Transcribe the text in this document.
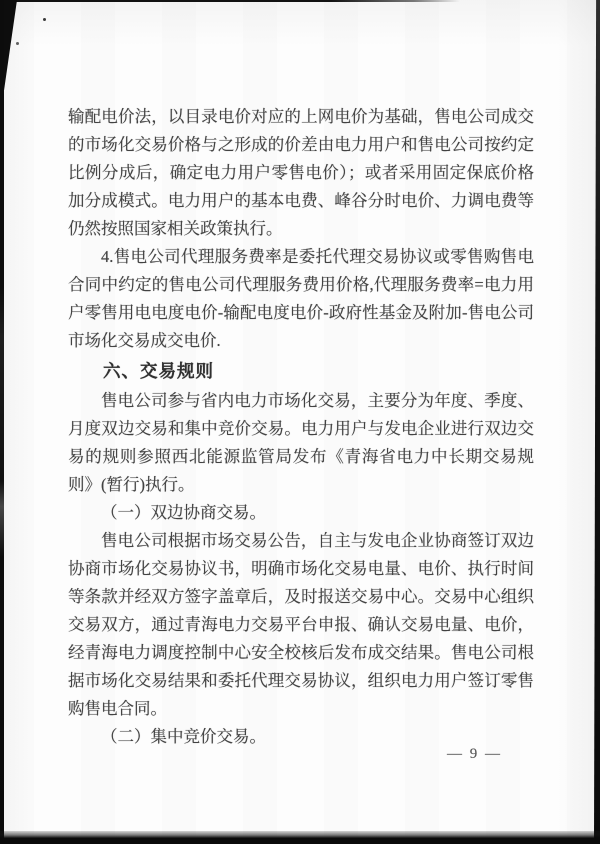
输配电价法，以目录电价对应的上网电价为基础，售电公司成交的市场化交易价格与之形成的价差由电力用户和售电公司按约定比例分成后，确定电力用户零售电价）；或者采用固定保底价格加分成模式。电力用户的基本电费、峰谷分时电价、力调电费等仍然按照国家相关政策执行。

4.售电公司代理服务费率是委托代理交易协议或零售购售电合同中约定的售电公司代理服务费用价格,代理服务费率=电力用户零售用电电度电价-输配电度电价-政府性基金及附加-售电公司市场化交易成交电价.

六、交易规则

售电公司参与省内电力市场化交易，主要分为年度、季度、月度双边交易和集中竞价交易。电力用户与发电企业进行双边交易的规则参照西北能源监管局发布《青海省电力中长期交易规则》(暂行)执行。

（一）双边协商交易。

售电公司根据市场交易公告，自主与发电企业协商签订双边协商市场化交易协议书，明确市场化交易电量、电价、执行时间等条款并经双方签字盖章后，及时报送交易中心。交易中心组织交易双方，通过青海电力交易平台申报、确认交易电量、电价，经青海电力调度控制中心安全校核后发布成交结果。售电公司根据市场化交易结果和委托代理交易协议，组织电力用户签订零售购售电合同。

（二）集中竞价交易。

— 9 —
